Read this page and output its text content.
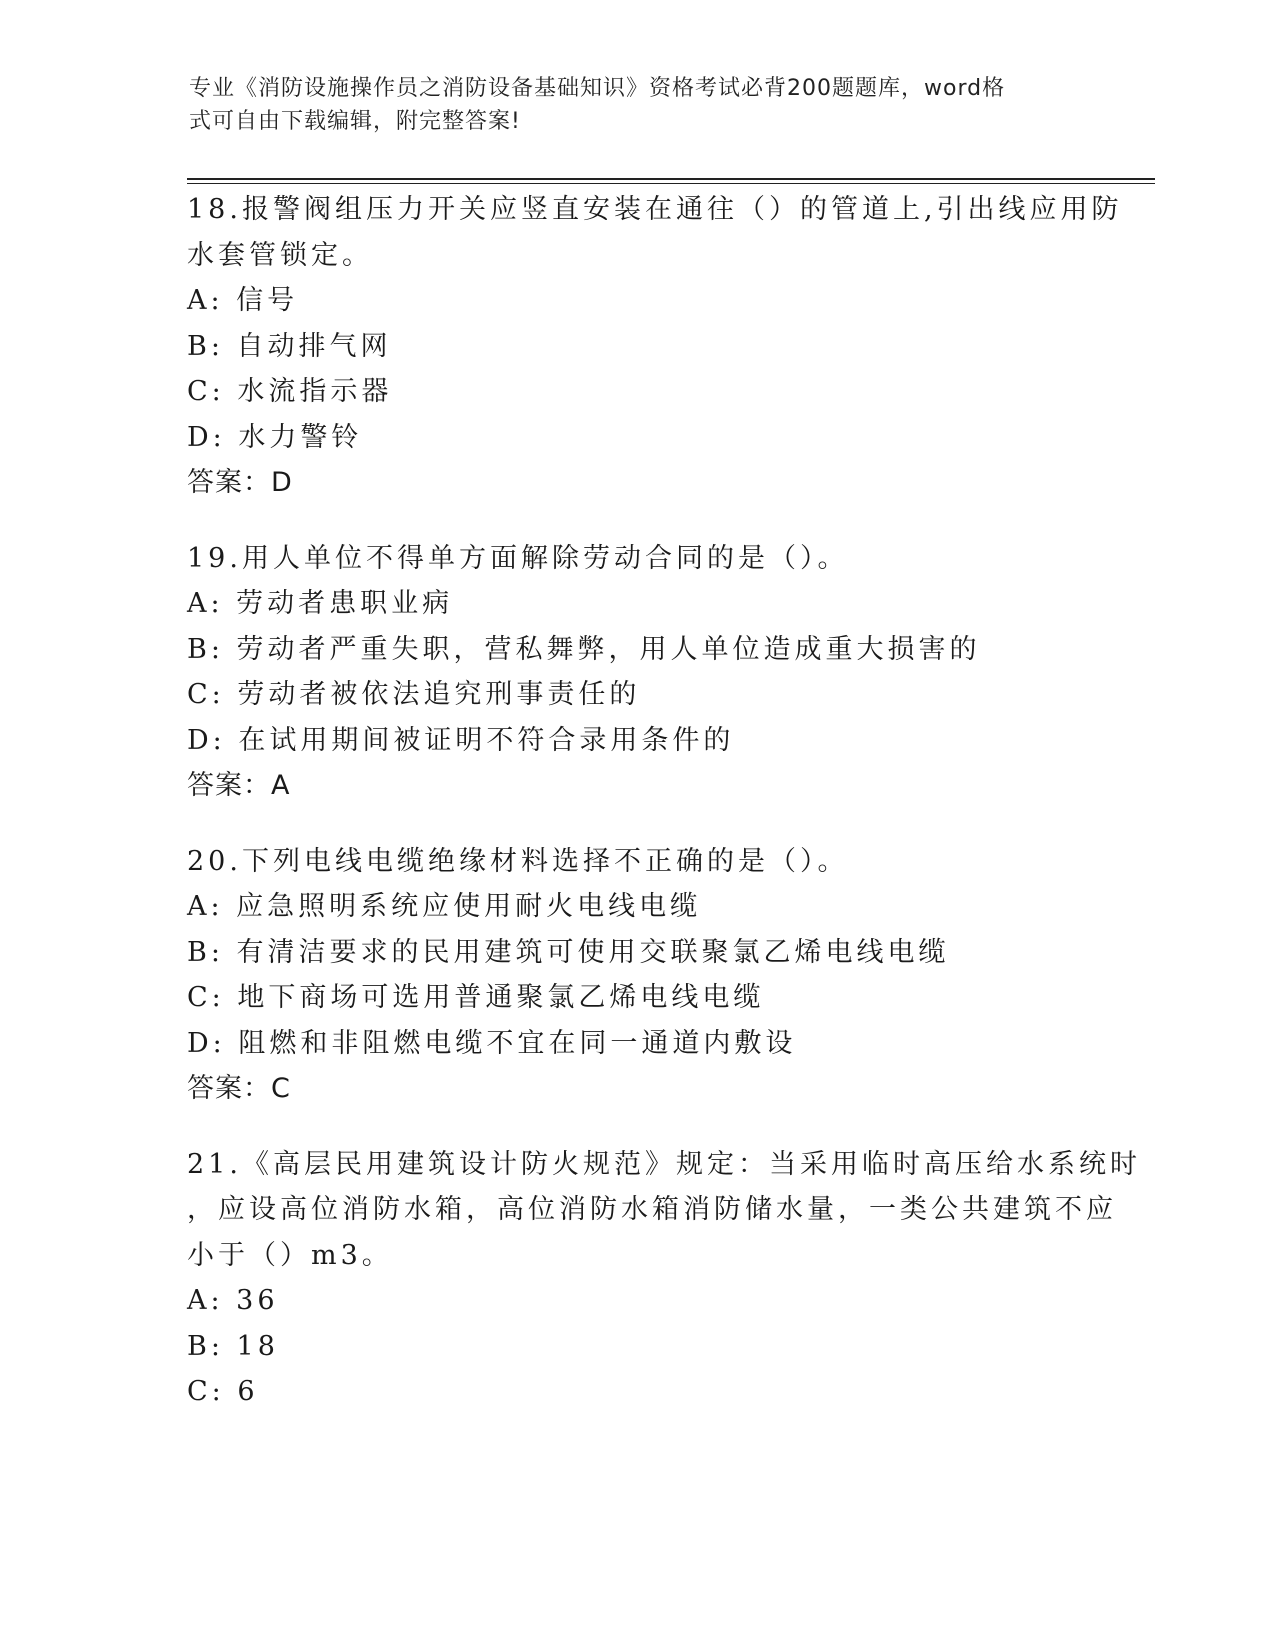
专业《消防设施操作员之消防设备基础知识》资格考试必背200题题库，word格
式可自由下载编辑，附完整答案!
18.报警阀组压力开关应竖直安装在通往（）的管道上,引出线应用防
水套管锁定。
A: 信号
B: 自动排气网
C: 水流指示器
D: 水力警铃
答案：D
19.用人单位不得单方面解除劳动合同的是（）。
A: 劳动者患职业病
B: 劳动者严重失职，营私舞弊，用人单位造成重大损害的
C: 劳动者被依法追究刑事责任的
D: 在试用期间被证明不符合录用条件的
答案：A
20.下列电线电缆绝缘材料选择不正确的是（）。
A: 应急照明系统应使用耐火电线电缆
B: 有清洁要求的民用建筑可使用交联聚氯乙烯电线电缆
C: 地下商场可选用普通聚氯乙烯电线电缆
D: 阻燃和非阻燃电缆不宜在同一通道内敷设
答案：C
21.《高层民用建筑设计防火规范》规定：当采用临时高压给水系统时
，应设高位消防水箱，高位消防水箱消防储水量，一类公共建筑不应
小于（）m3。
A: 36
B: 18
C: 6
